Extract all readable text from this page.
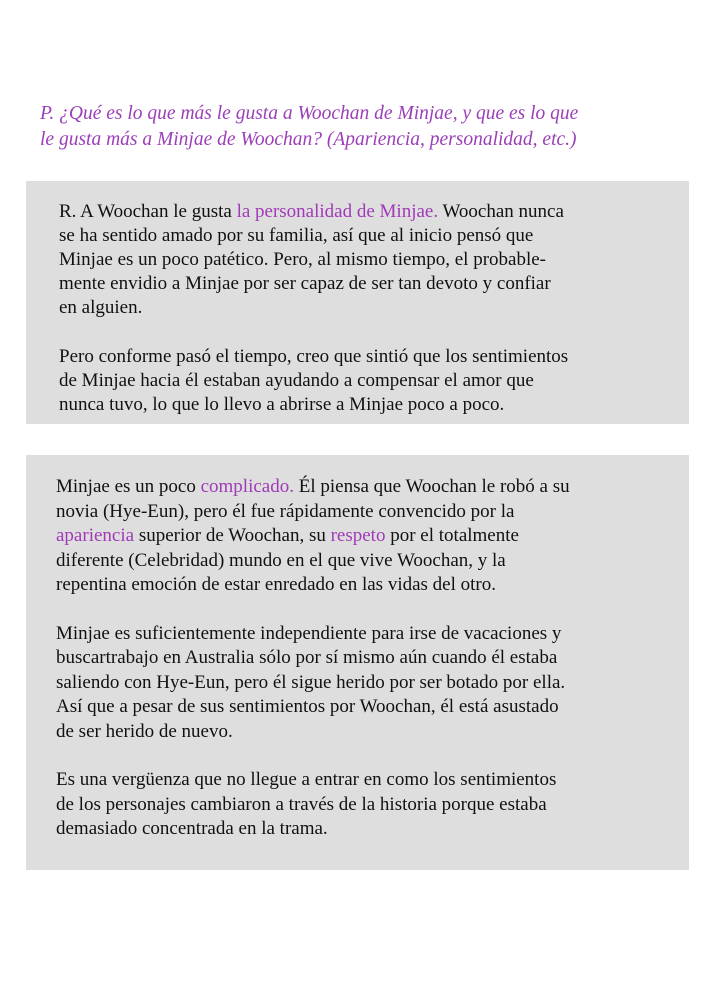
P. ¿Qué es lo que más le gusta a Woochan de Minjae, y que es lo que
le gusta más a Minjae de Woochan? (Apariencia, personalidad, etc.)

R. A Woochan le gusta la personalidad de Minjae. Woochan nunca
se ha sentido amado por su familia, así que al inicio pensó que
Minjae es un poco patético. Pero, al mismo tiempo, el probable-
mente envidio a Minjae por ser capaz de ser tan devoto y confiar
en alguien.

Pero conforme pasó el tiempo, creo que sintió que los sentimientos
de Minjae hacia él estaban ayudando a compensar el amor que
nunca tuvo, lo que lo llevo a abrirse a Minjae poco a poco.

Minjae es un poco complicado. Él piensa que Woochan le robó a su
novia (Hye-Eun), pero él fue rápidamente convencido por la
apariencia superior de Woochan, su respeto por el totalmente
diferente (Celebridad) mundo en el que vive Woochan, y la
repentina emoción de estar enredado en las vidas del otro.

Minjae es suficientemente independiente para irse de vacaciones y
buscartrabajo en Australia sólo por sí mismo aún cuando él estaba
saliendo con Hye-Eun, pero él sigue herido por ser botado por ella.
Así que a pesar de sus sentimientos por Woochan, él está asustado
de ser herido de nuevo.

Es una vergüenza que no llegue a entrar en como los sentimientos
de los personajes cambiaron a través de la historia porque estaba
demasiado concentrada en la trama.
